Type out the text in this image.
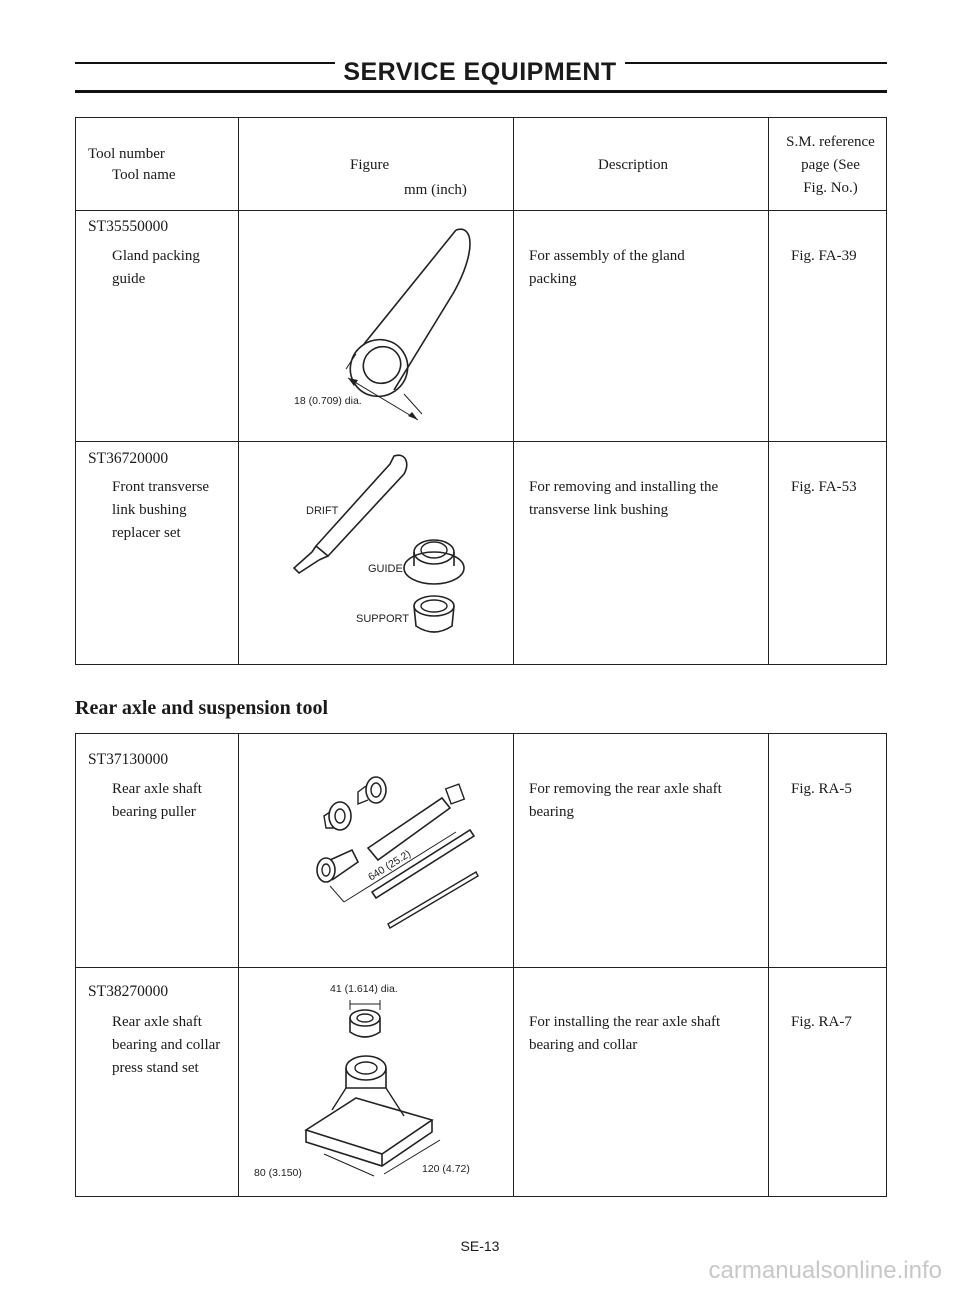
SERVICE EQUIPMENT
Tool number
Tool name
Figure
mm (inch)
Description
S.M. reference
page (See
Fig. No.)
ST35550000
Gland packing
guide
For assembly of the gland
packing
Fig. FA-39
18 (0.709) dia.
ST36720000
Front transverse
link bushing
replacer set
For removing and installing the
transverse link bushing
Fig. FA-53
DRIFT
GUIDE
SUPPORT
Rear axle and suspension tool
ST37130000
Rear axle shaft
bearing puller
For removing the rear axle shaft
bearing
Fig. RA-5
640 (25.2)
ST38270000
Rear axle shaft
bearing and collar
press stand set
For installing the rear axle shaft
bearing and collar
Fig. RA-7
41 (1.614) dia.
80 (3.150)	120 (4.72)
SE-13
carmanualsonline.info
